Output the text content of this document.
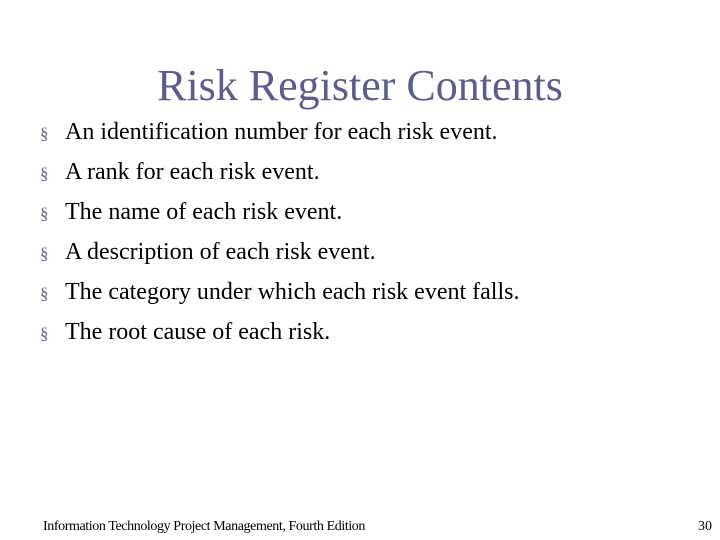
Risk Register Contents
§ An identification number for each risk event.
§ A rank for each risk event.
§ The name of each risk event.
§ A description of each risk event.
§ The category under which each risk event falls.
§ The root cause of each risk.
Information Technology Project Management, Fourth Edition	30
